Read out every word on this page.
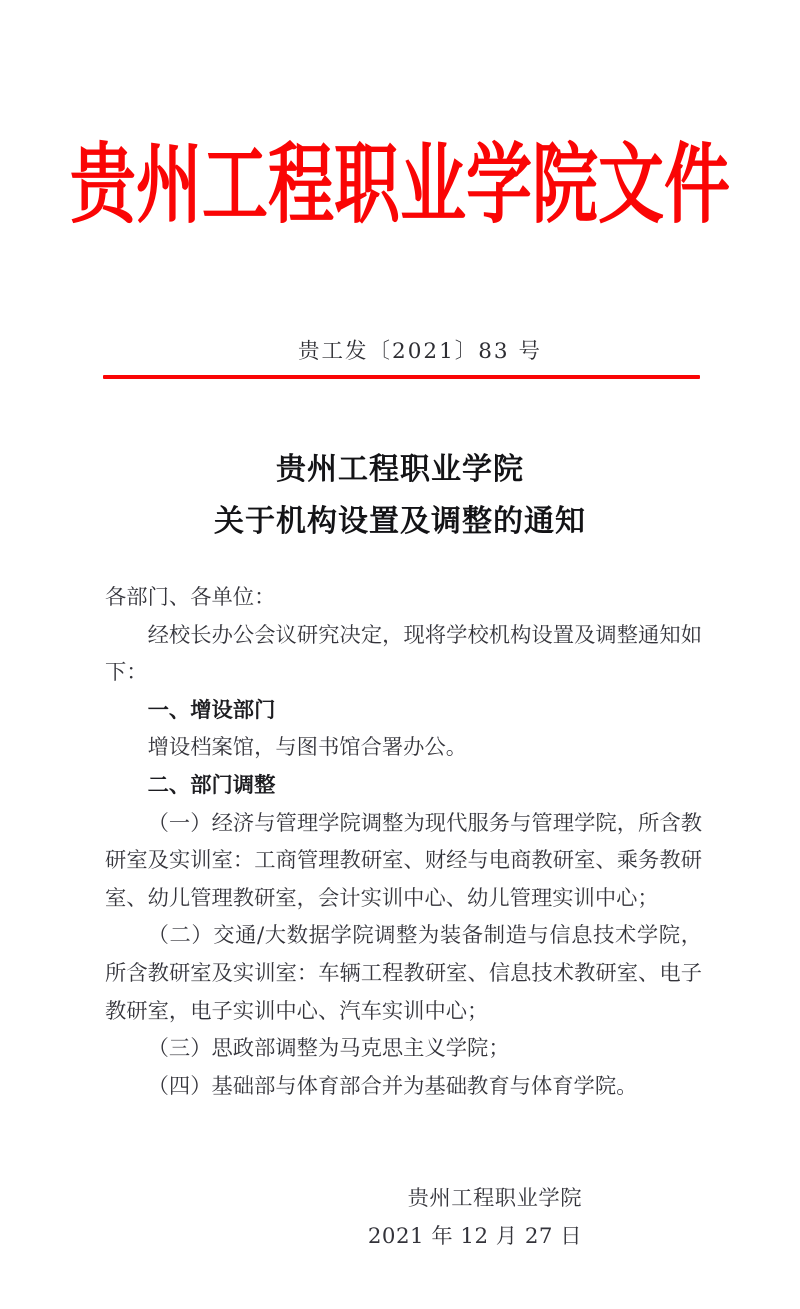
贵州工程职业学院文件
贵工发〔2021〕83 号
贵州工程职业学院
关于机构设置及调整的通知

各部门、各单位：

经校长办公会议研究决定，现将学校机构设置及调整通知如下：

一、增设部门

增设档案馆，与图书馆合署办公。

二、部门调整

（一）经济与管理学院调整为现代服务与管理学院，所含教研室及实训室：工商管理教研室、财经与电商教研室、乘务教研室、幼儿管理教研室，会计实训中心、幼儿管理实训中心；

（二）交通/大数据学院调整为装备制造与信息技术学院，所含教研室及实训室：车辆工程教研室、信息技术教研室、电子教研室，电子实训中心、汽车实训中心；

（三）思政部调整为马克思主义学院；

（四）基础部与体育部合并为基础教育与体育学院。

贵州工程职业学院
2021 年 12 月 27 日
